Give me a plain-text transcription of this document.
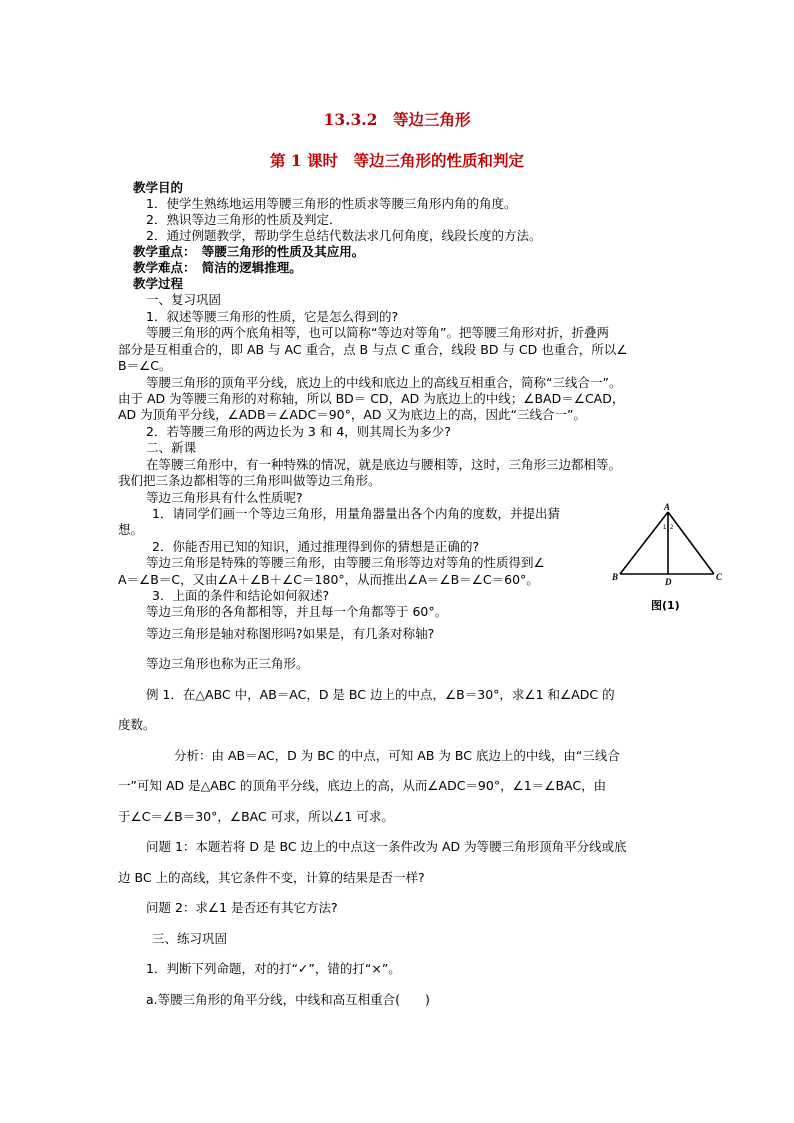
13.3.2　等边三角形
第 1 课时　等边三角形的性质和判定
教学目的
1．使学生熟练地运用等腰三角形的性质求等腰三角形内角的角度。
2．熟识等边三角形的性质及判定．
2．通过例题教学，帮助学生总结代数法求几何角度，线段长度的方法。
教学重点：　等腰三角形的性质及其应用。
教学难点：　简洁的逻辑推理。
教学过程
一、复习巩固
1．叙述等腰三角形的性质，它是怎么得到的?
等腰三角形的两个底角相等，也可以简称“等边对等角”。把等腰三角形对折，折叠两
部分是互相重合的，即 AB 与 AC 重合，点 B 与点 C 重合，线段 BD 与 CD 也重合，所以∠
B＝∠C。
等腰三角形的顶角平分线，底边上的中线和底边上的高线互相重合，简称“三线合一”。
由于 AD 为等腰三角形的对称轴，所以 BD＝ CD，AD 为底边上的中线；∠BAD＝∠CAD，
AD 为顶角平分线，∠ADB＝∠ADC＝90°，AD 又为底边上的高，因此“三线合一”。
2．若等腰三角形的两边长为 3 和 4，则其周长为多少?
二、新课
在等腰三角形中，有一种特殊的情况，就是底边与腰相等，这时，三角形三边都相等。
我们把三条边都相等的三角形叫做等边三角形。
等边三角形具有什么性质呢?
1．请同学们画一个等边三角形，用量角器量出各个内角的度数，并提出猜
想。
2．你能否用已知的知识，通过推理得到你的猜想是正确的?
等边三角形是特殊的等腰三角形，由等腰三角形等边对等角的性质得到∠
A＝∠B＝C，又由∠A＋∠B＋∠C＝180°，从而推出∠A＝∠B＝∠C＝60°。
3．上面的条件和结论如何叙述?
等边三角形的各角都相等，并且每一个角都等于 60°。
等边三角形是轴对称图形吗?如果是，有几条对称轴?
等边三角形也称为正三角形。
例 1．在△ABC 中，AB＝AC，D 是 BC 边上的中点，∠B＝30°，求∠1 和∠ADC 的
度数。
分析：由 AB＝AC，D 为 BC 的中点，可知 AB 为 BC 底边上的中线，由“三线合
一”可知 AD 是△ABC 的顶角平分线，底边上的高，从而∠ADC＝90°，∠1＝∠BAC，由
于∠C＝∠B＝30°，∠BAC 可求，所以∠1 可求。
问题 1：本题若将 D 是 BC 边上的中点这一条件改为 AD 为等腰三角形顶角平分线或底
边 BC 上的高线，其它条件不变，计算的结果是否一样?
问题 2：求∠1 是否还有其它方法?
三、练习巩固
1．判断下列命题，对的打“✓”，错的打“×”。
a.等腰三角形的角平分线，中线和高互相重合(　　)
A
B	C
D
1 2
图(1)
